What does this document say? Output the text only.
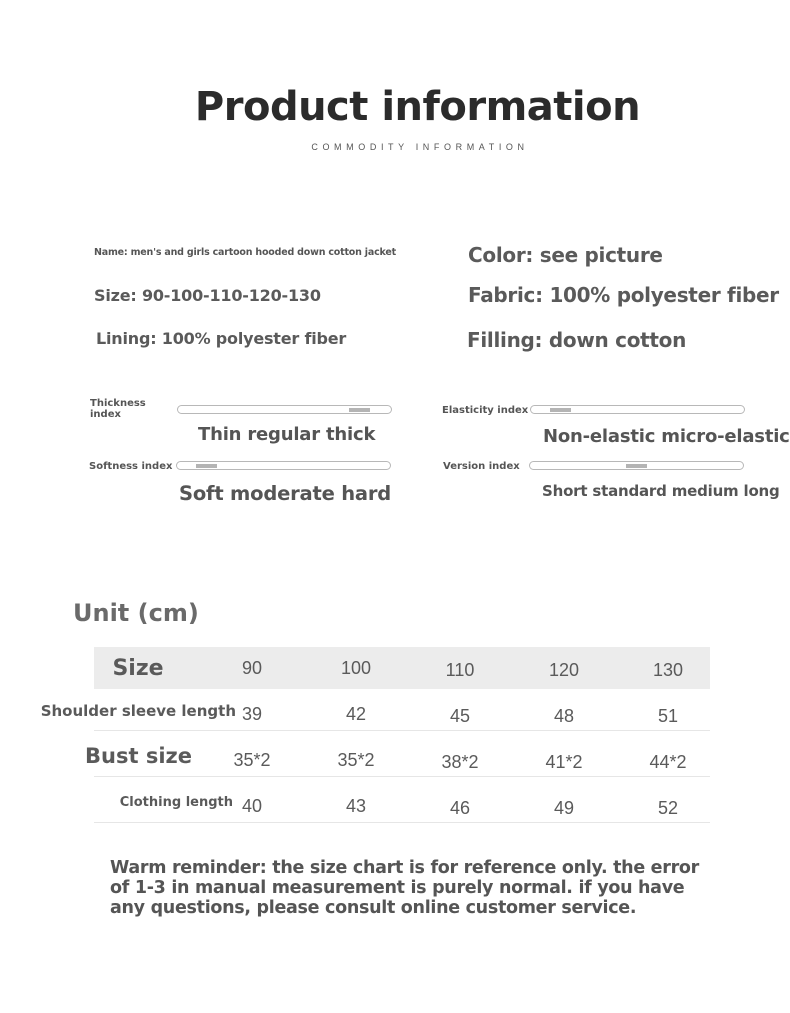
Product information
COMMODITY INFORMATION
Name: men's and girls cartoon hooded down cotton jacket
Size: 90-100-110-120-130
Lining: 100% polyester fiber
Color: see picture
Fabric: 100% polyester fiber
Filling: down cotton
Thickness index
Thin regular thick
Elasticity index
Non-elastic micro-elastic
Softness index
Soft moderate hard
Version index
Short standard medium long
Unit (cm)
Size	90	100	110	120	130
Shoulder sleeve length 39	42	45	48	51
Bust size	35*2	35*2	38*2	41*2	44*2
Clothing length 40	43	46	49	52
Warm reminder: the size chart is for reference only. the error of 1-3 in manual measurement is purely normal. if you have any questions, please consult online customer service.
